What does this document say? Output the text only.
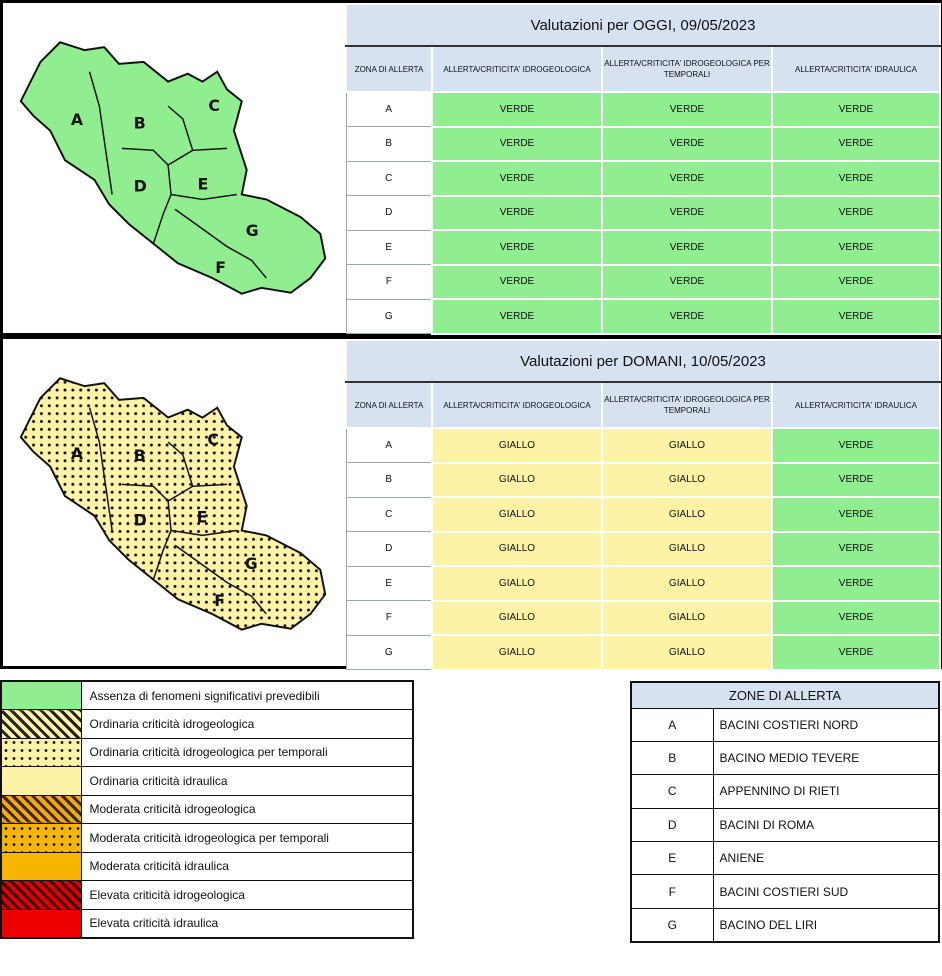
A	B
C
D	E
G
F
Valutazioni per OGGI, 09/05/2023			
ZONA DI ALLERTA	ALLERTA/CRITICITA' IDROGEOLOGICA	ALLERTA/CRITICITA' IDROGEOLOGICA PER TEMPORALI	ALLERTA/CRITICITA' IDRAULICA
A	VERDE	VERDE	VERDE
B	VERDE	VERDE	VERDE
C	VERDE	VERDE	VERDE
D	VERDE	VERDE	VERDE
E	VERDE	VERDE	VERDE
F	VERDE	VERDE	VERDE
G	VERDE	VERDE	VERDE
A	B
C
D	E
G
F
Valutazioni per DOMANI, 10/05/2023			
ZONA DI ALLERTA	ALLERTA/CRITICITA' IDROGEOLOGICA	ALLERTA/CRITICITA' IDROGEOLOGICA PER TEMPORALI	ALLERTA/CRITICITA' IDRAULICA
A	GIALLO	GIALLO	VERDE
B	GIALLO	GIALLO	VERDE
C	GIALLO	GIALLO	VERDE
D	GIALLO	GIALLO	VERDE
E	GIALLO	GIALLO	VERDE
F	GIALLO	GIALLO	VERDE
G	GIALLO	GIALLO	VERDE
	Assenza di fenomeni significativi prevedibili
	Ordinaria criticità idrogeologica
	Ordinaria criticità idrogeologica per temporali
	Ordinaria criticità idraulica
	Moderata criticità idrogeologica
	Moderata criticità idrogeologica per temporali
	Moderata criticità idraulica
	Elevata criticità idrogeologica
	Elevata criticità idraulica
ZONE DI ALLERTA	
A	BACINI COSTIERI NORD
B	BACINO MEDIO TEVERE
C	APPENNINO DI RIETI
D	BACINI DI ROMA
E	ANIENE
F	BACINI COSTIERI SUD
G	BACINO DEL LIRI
